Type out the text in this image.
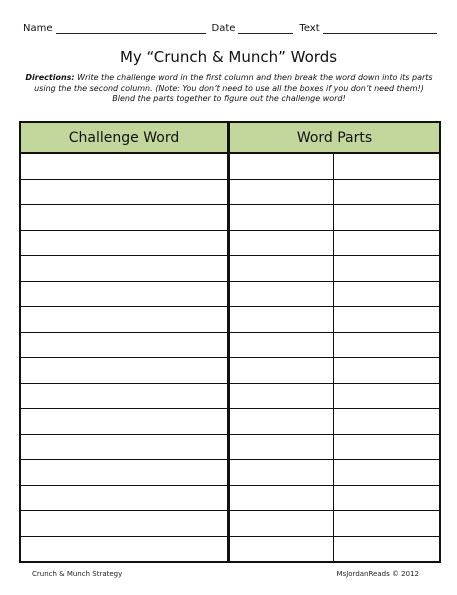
Name	Date	Text
My “Crunch & Munch” Words
Directions: Write the challenge word in the first column and then break the word down into its parts using the the second column. (Note: You don’t need to use all the boxes if you don’t need them!) Blend the parts together to figure out the challenge word!
Challenge Word	Word Parts
Crunch & Munch Strategy	MsJordanReads © 2012
